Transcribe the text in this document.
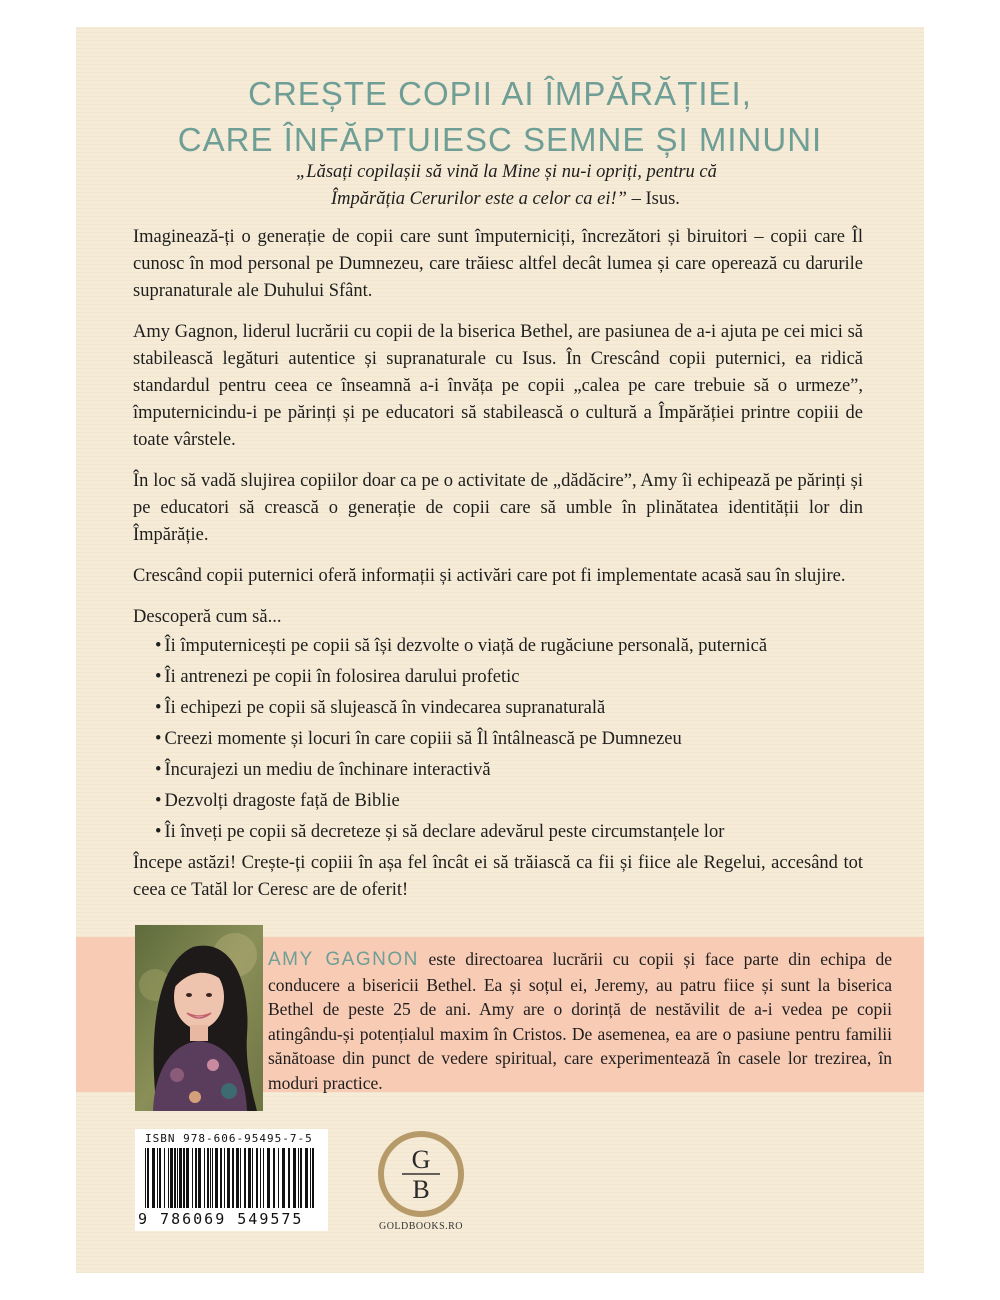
CREȘTE COPII AI ÎMPĂRĂȚIEI,
CARE ÎNFĂPTUIESC SEMNE ȘI MINUNI

„Lăsați copilașii să vină la Mine și nu-i opriți, pentru că
Împărăția Cerurilor este a celor ca ei!” – Isus.

Imaginează-ți o generație de copii care sunt împuterniciți, încrezători și biruitori – copii care Îl cunosc în mod personal pe Dumnezeu, care trăiesc altfel decât lumea și care operează cu darurile supranaturale ale Duhului Sfânt.

Amy Gagnon, liderul lucrării cu copii de la biserica Bethel, are pasiunea de a-i ajuta pe cei mici să stabilească legături autentice și supranaturale cu Isus. În Crescând copii puternici, ea ridică standardul pentru ceea ce înseamnă a-i învăța pe copii „calea pe care trebuie să o urmeze”, împuternicindu-i pe părinți și pe educatori să stabilească o cultură a Împărăției printre copiii de toate vârstele.

În loc să vadă slujirea copiilor doar ca pe o activitate de „dădăcire”, Amy îi echipează pe părinți și pe educatori să crească o generație de copii care să umble în plinătatea identității lor din Împărăție.

Crescând copii puternici oferă informații și activări care pot fi implementate acasă sau în slujire.

Descoperă cum să...

• Îi împuternicești pe copii să își dezvolte o viață de rugăciune personală, puternică
• Îi antrenezi pe copii în folosirea darului profetic
• Îi echipezi pe copii să slujească în vindecarea supranaturală
• Creezi momente și locuri în care copiii să Îl întâlnească pe Dumnezeu
• Încurajezi un mediu de închinare interactivă
• Dezvolți dragoste față de Biblie
• Îi înveți pe copii să decreteze și să declare adevărul peste circumstanțele lor

Începe astăzi! Crește-ți copiii în așa fel încât ei să trăiască ca fii și fiice ale Regelui, accesând tot ceea ce Tatăl lor Ceresc are de oferit!

AMY GAGNON este directoarea lucrării cu copii și face parte din echipa de conducere a bisericii Bethel. Ea și soțul ei, Jeremy, au patru fiice și sunt la biserica Bethel de peste 25 de ani. Amy are o dorință de nestăvilit de a-i vedea pe copii atingându-și potențialul maxim în Cristos. De asemenea, ea are o pasiune pentru familii sănătoase din punct de vedere spiritual, care experimentează în casele lor trezirea, în moduri practice.

ISBN 978-606-95495-7-5

9 786069 549575

G
B

GOLDBOOKS.RO
